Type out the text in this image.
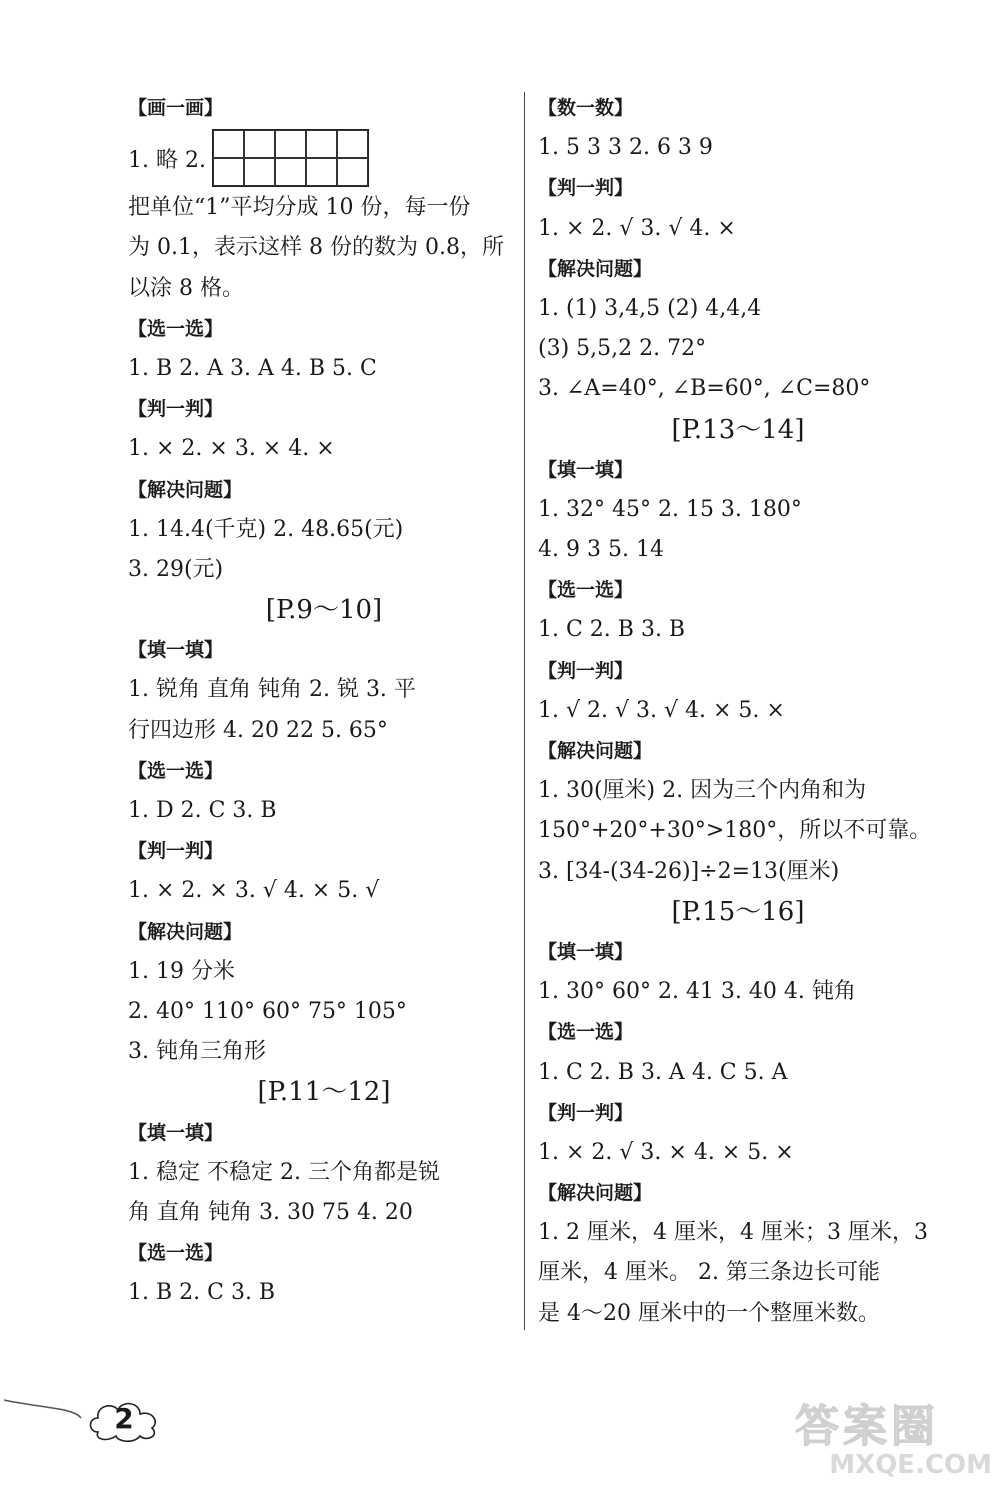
【画一画】
1. 略 2.
把单位“1”平均分成 10 份，每一份
为 0.1，表示这样 8 份的数为 0.8，所
以涂 8 格。
【选一选】
1. B 2. A 3. A 4. B 5. C
【判一判】
1. × 2. × 3. × 4. ×
【解决问题】
1. 14.4(千克) 2. 48.65(元)
3. 29(元)
[P.9～10]
【填一填】
1. 锐角 直角 钝角 2. 锐 3. 平
行四边形 4. 20 22 5. 65°
【选一选】
1. D 2. C 3. B
【判一判】
1. × 2. × 3. √ 4. × 5. √
【解决问题】
1. 19 分米
2. 40° 110° 60° 75° 105°
3. 钝角三角形
[P.11～12]
【填一填】
1. 稳定 不稳定 2. 三个角都是锐
角 直角 钝角 3. 30 75 4. 20
【选一选】
1. B 2. C 3. B
【数一数】
1. 5 3 3 2. 6 3 9
【判一判】
1. × 2. √ 3. √ 4. ×
【解决问题】
1. (1) 3,4,5 (2) 4,4,4
(3) 5,5,2 2. 72°
3. ∠A=40°, ∠B=60°, ∠C=80°
[P.13～14]
【填一填】
1. 32° 45° 2. 15 3. 180°
4. 9 3 5. 14
【选一选】
1. C 2. B 3. B
【判一判】
1. √ 2. √ 3. √ 4. × 5. ×
【解决问题】
1. 30(厘米) 2. 因为三个内角和为
150°+20°+30°>180°，所以不可靠。
3. [34-(34-26)]÷2=13(厘米)
[P.15～16]
【填一填】
1. 30° 60° 2. 41 3. 40 4. 钝角
【选一选】
1. C 2. B 3. A 4. C 5. A
【判一判】
1. × 2. √ 3. × 4. × 5. ×
【解决问题】
1. 2 厘米，4 厘米，4 厘米；3 厘米，3
厘米，4 厘米。 2. 第三条边长可能
是 4～20 厘米中的一个整厘米数。
2	答案圈
MXQE.COM
